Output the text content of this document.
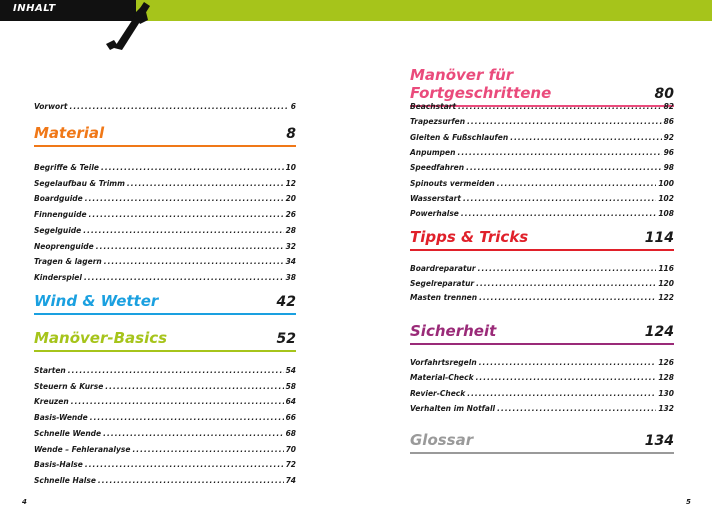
INHALT
Vorwort .....	6
Material	8
Begriffe & Teile .....	10
Segelaufbau & Trimm .....	12
Boardguide .....	20
Finnenguide .....	26
Segelguide .....	28
Neoprenguide .....	32
Tragen & lagern .....	34
Kinderspiel .....	38
Wind & Wetter	42
Manöver-Basics	52
Starten .....	54
Steuern & Kurse .....	58
Kreuzen .....	64
Basis-Wende .....	66
Schnelle Wende .....	68
Wende – Fehleranalyse .....	70
Basis-Halse .....	72
Schnelle Halse .....	74
4
Manöver für Fortgeschrittene	80
Beachstart .....	82
Trapezsurfen .....	86
Gleiten & Fußschlaufen .....	92
Anpumpen .....	96
Speedfahren .....	98
Spinouts vermeiden .....	100
Wasserstart .....	102
Powerhalse .....	108
Tipps & Tricks	114
Boardreparatur .....	116
Segelreparatur .....	120
Masten trennen .....	122
Sicherheit	124
Vorfahrtsregeln .....	126
Material-Check .....	128
Revier-Check .....	130
Verhalten im Notfall .....	132
Glossar	134
5
